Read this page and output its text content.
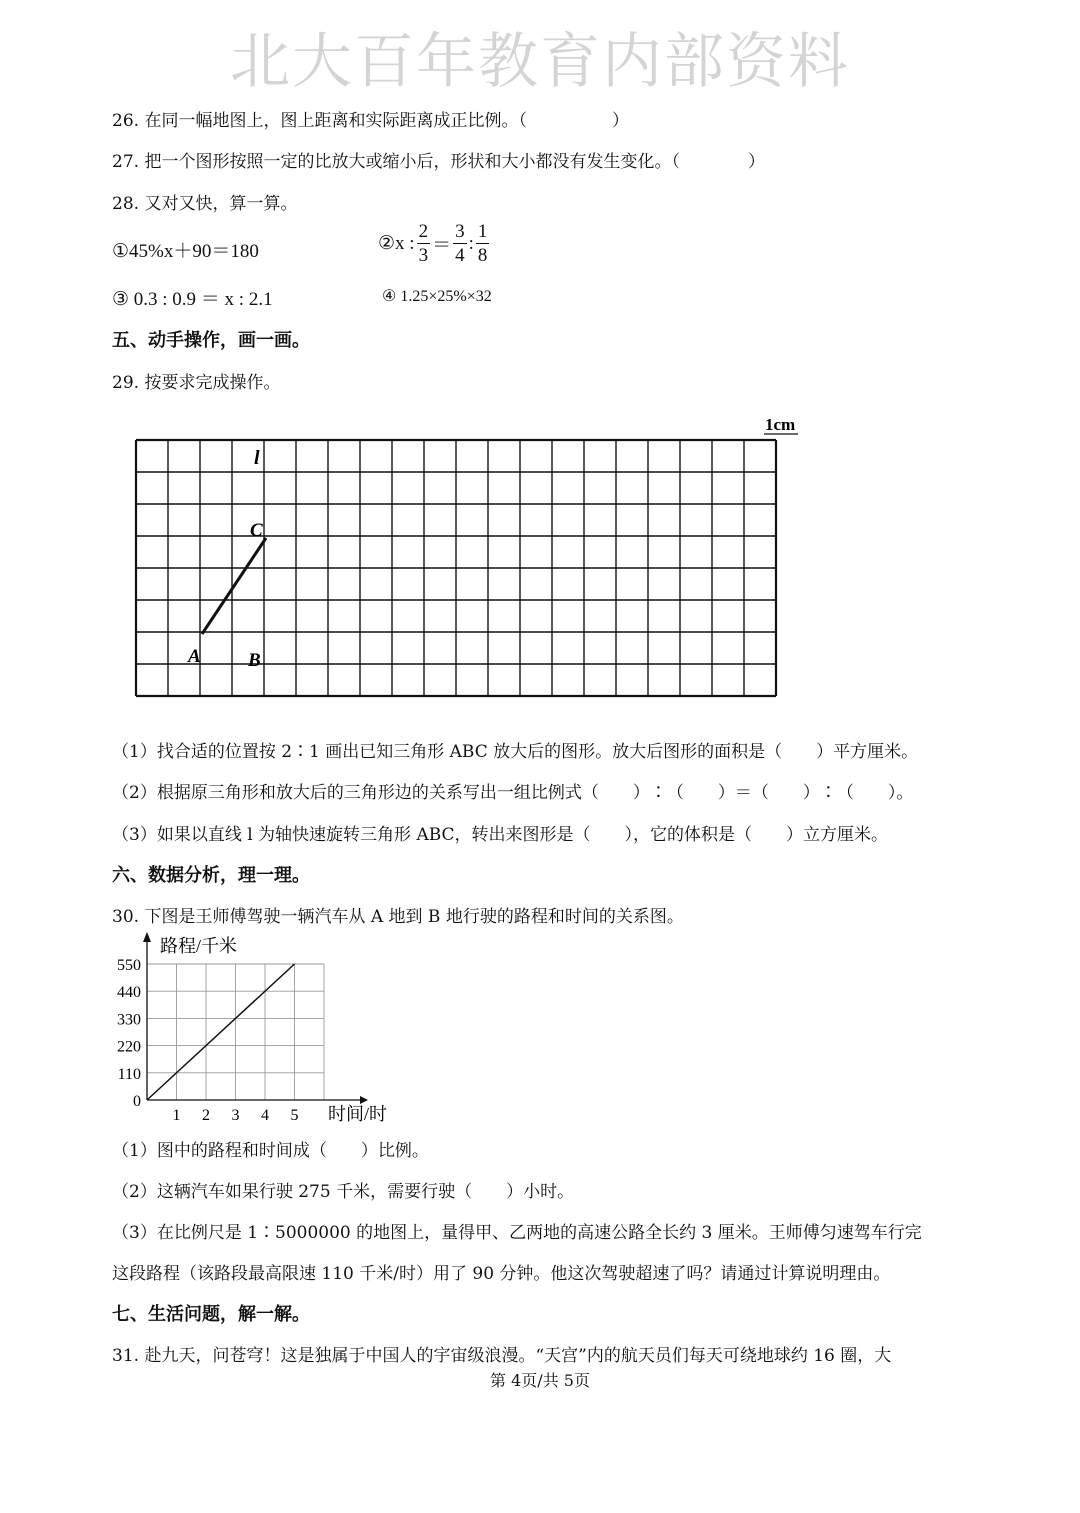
北大百年教育内部资料
26. 在同一幅地图上，图上距离和实际距离成正比例。（　　　　　）
27. 把一个图形按照一定的比放大或缩小后，形状和大小都没有发生变化。（　　　　）
28. 又对又快，算一算。
①45%x＋90＝180	②x : $\frac{2}{3} = \frac{3}{4}$ : $\frac{1}{8}$
③ 0.3 : 0.9 ＝ x : 2.1	④ 1.25×25%×32
五、动手操作，画一画。
29. 按要求完成操作。
1cm
l
A B
C
（1）找合适的位置按 2∶1 画出已知三角形 ABC 放大后的图形。放大后图形的面积是（　　）平方厘米。
（2）根据原三角形和放大后的三角形边的关系写出一组比例式（　　）∶（　　）＝（　　）∶（　　）。
（3）如果以直线 l 为轴快速旋转三角形 ABC，转出来图形是（　　），它的体积是（　　）立方厘米。
六、数据分析，理一理。
30. 下图是王师傅驾驶一辆汽车从 A 地到 B 地行驶的路程和时间的关系图。
0
110
220
330
440
550
1 2 3 4 5
路程/千米
时间/时
（1）图中的路程和时间成（　　）比例。
（2）这辆汽车如果行驶 275 千米，需要行驶（　　）小时。
（3）在比例尺是 1∶5000000 的地图上，量得甲、乙两地的高速公路全长约 3 厘米。王师傅匀速驾车行完
这段路程（该路段最高限速 110 千米/时）用了 90 分钟。他这次驾驶超速了吗？请通过计算说明理由。
七、生活问题，解一解。
31. 赴九天，问苍穹！这是独属于中国人的宇宙级浪漫。“天宫”内的航天员们每天可绕地球约 16 圈，大
第 4页/共 5页
